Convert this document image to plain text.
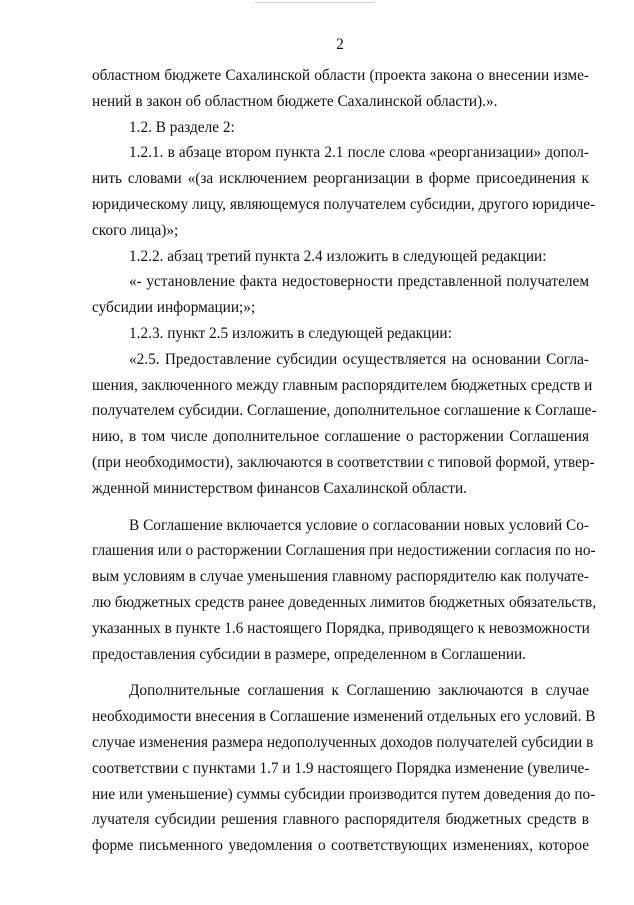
2
областном бюджете Сахалинской области (проекта закона о внесении изме-
нений в закон об областном бюджете Сахалинской области).».
1.2. В разделе 2:
1.2.1. в абзаце втором пункта 2.1 после слова «реорганизации» допол-
нить словами «(за исключением реорганизации в форме присоединения к
юридическому лицу, являющемуся получателем субсидии, другого юридиче-
ского лица)»;
1.2.2. абзац третий пункта 2.4 изложить в следующей редакции:
«- установление факта недостоверности представленной получателем
субсидии информации;»;
1.2.3. пункт 2.5 изложить в следующей редакции:
«2.5. Предоставление субсидии осуществляется на основании Согла-
шения, заключенного между главным распорядителем бюджетных средств и
получателем субсидии. Соглашение, дополнительное соглашение к Соглаше-
нию, в том числе дополнительное соглашение о расторжении Соглашения
(при необходимости), заключаются в соответствии с типовой формой, утвер-
жденной министерством финансов Сахалинской области.
В Соглашение включается условие о согласовании новых условий Со-
глашения или о расторжении Соглашения при недостижении согласия по но-
вым условиям в случае уменьшения главному распорядителю как получате-
лю бюджетных средств ранее доведенных лимитов бюджетных обязательств,
указанных в пункте 1.6 настоящего Порядка, приводящего к невозможности
предоставления субсидии в размере, определенном в Соглашении.
Дополнительные соглашения к Соглашению заключаются в случае
необходимости внесения в Соглашение изменений отдельных его условий. В
случае изменения размера недополученных доходов получателей субсидии в
соответствии с пунктами 1.7 и 1.9 настоящего Порядка изменение (увеличе-
ние или уменьшение) суммы субсидии производится путем доведения до по-
лучателя субсидии решения главного распорядителя бюджетных средств в
форме письменного уведомления о соответствующих изменениях, которое
